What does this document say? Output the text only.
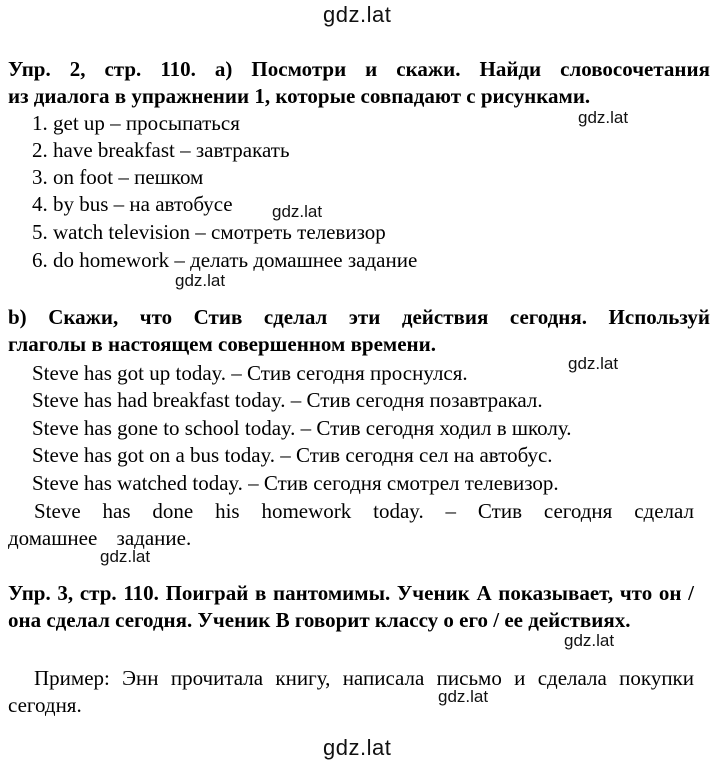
gdz.lat
Упр. 2, стр. 110. a) Посмотри и скажи. Найди словосочетания
из диалога в упражнении 1, которые совпадают с рисунками.
1. get up – просыпаться
2. have breakfast – завтракать
3. on foot – пешком
4. by bus – на автобусе
5. watch television – смотреть телевизор
6. do homework – делать домашнее задание
gdz.lat
gdz.lat
gdz.lat
b) Скажи, что Стив сделал эти действия сегодня. Используй
глаголы в настоящем совершенном времени.
Steve has got up today. – Стив сегодня проснулся.
Steve has had breakfast today. – Стив сегодня позавтракал.
Steve has gone to school today. – Стив сегодня ходил в школу.
Steve has got on a bus today. – Стив сегодня сел на автобус.
Steve has watched today. – Стив сегодня смотрел телевизор.
Steve has done his homework today. – Стив сегодня сделал домашнее задание.
gdz.lat
gdz.lat
Упр. 3, стр. 110. Поиграй в пантомимы. Ученик А показывает, что он / она сделал сегодня. Ученик В говорит классу о его / ее действиях.
Пример: Энн прочитала книгу, написала письмо и сделала покупки сегодня.
gdz.lat
gdz.lat
gdz.lat
